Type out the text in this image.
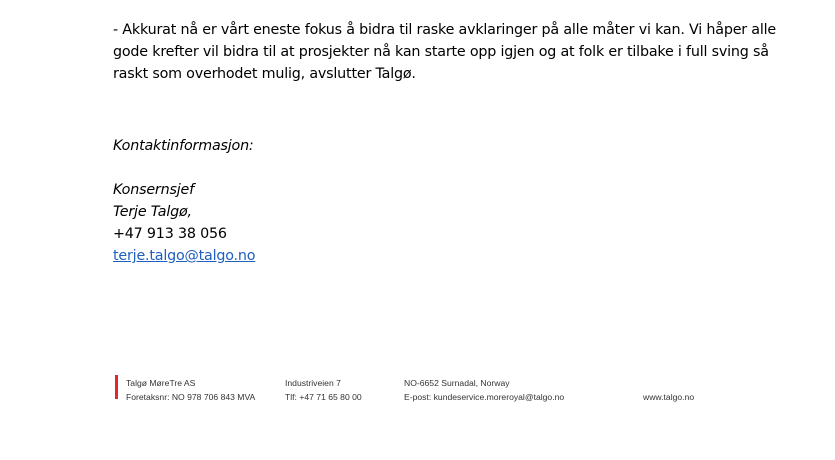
- Akkurat nå er vårt eneste fokus å bidra til raske avklaringer på alle måter vi kan. Vi håper alle gode krefter vil bidra til at prosjekter nå kan starte opp igjen og at folk er tilbake i full sving så raskt som overhodet mulig, avslutter Talgø.

Kontaktinformasjon:

Konsernsjef

Terje Talgø,

+47 913 38 056

terje.talgo@talgo.no

Talgø MøreTre AS
Foretaksnr: NO 978 706 843 MVA
Industriveien 7
Tlf: +47 71 65 80 00
NO-6652 Surnadal, Norway
E-post: kundeservice.moreroyal@talgo.no	www.talgo.no
